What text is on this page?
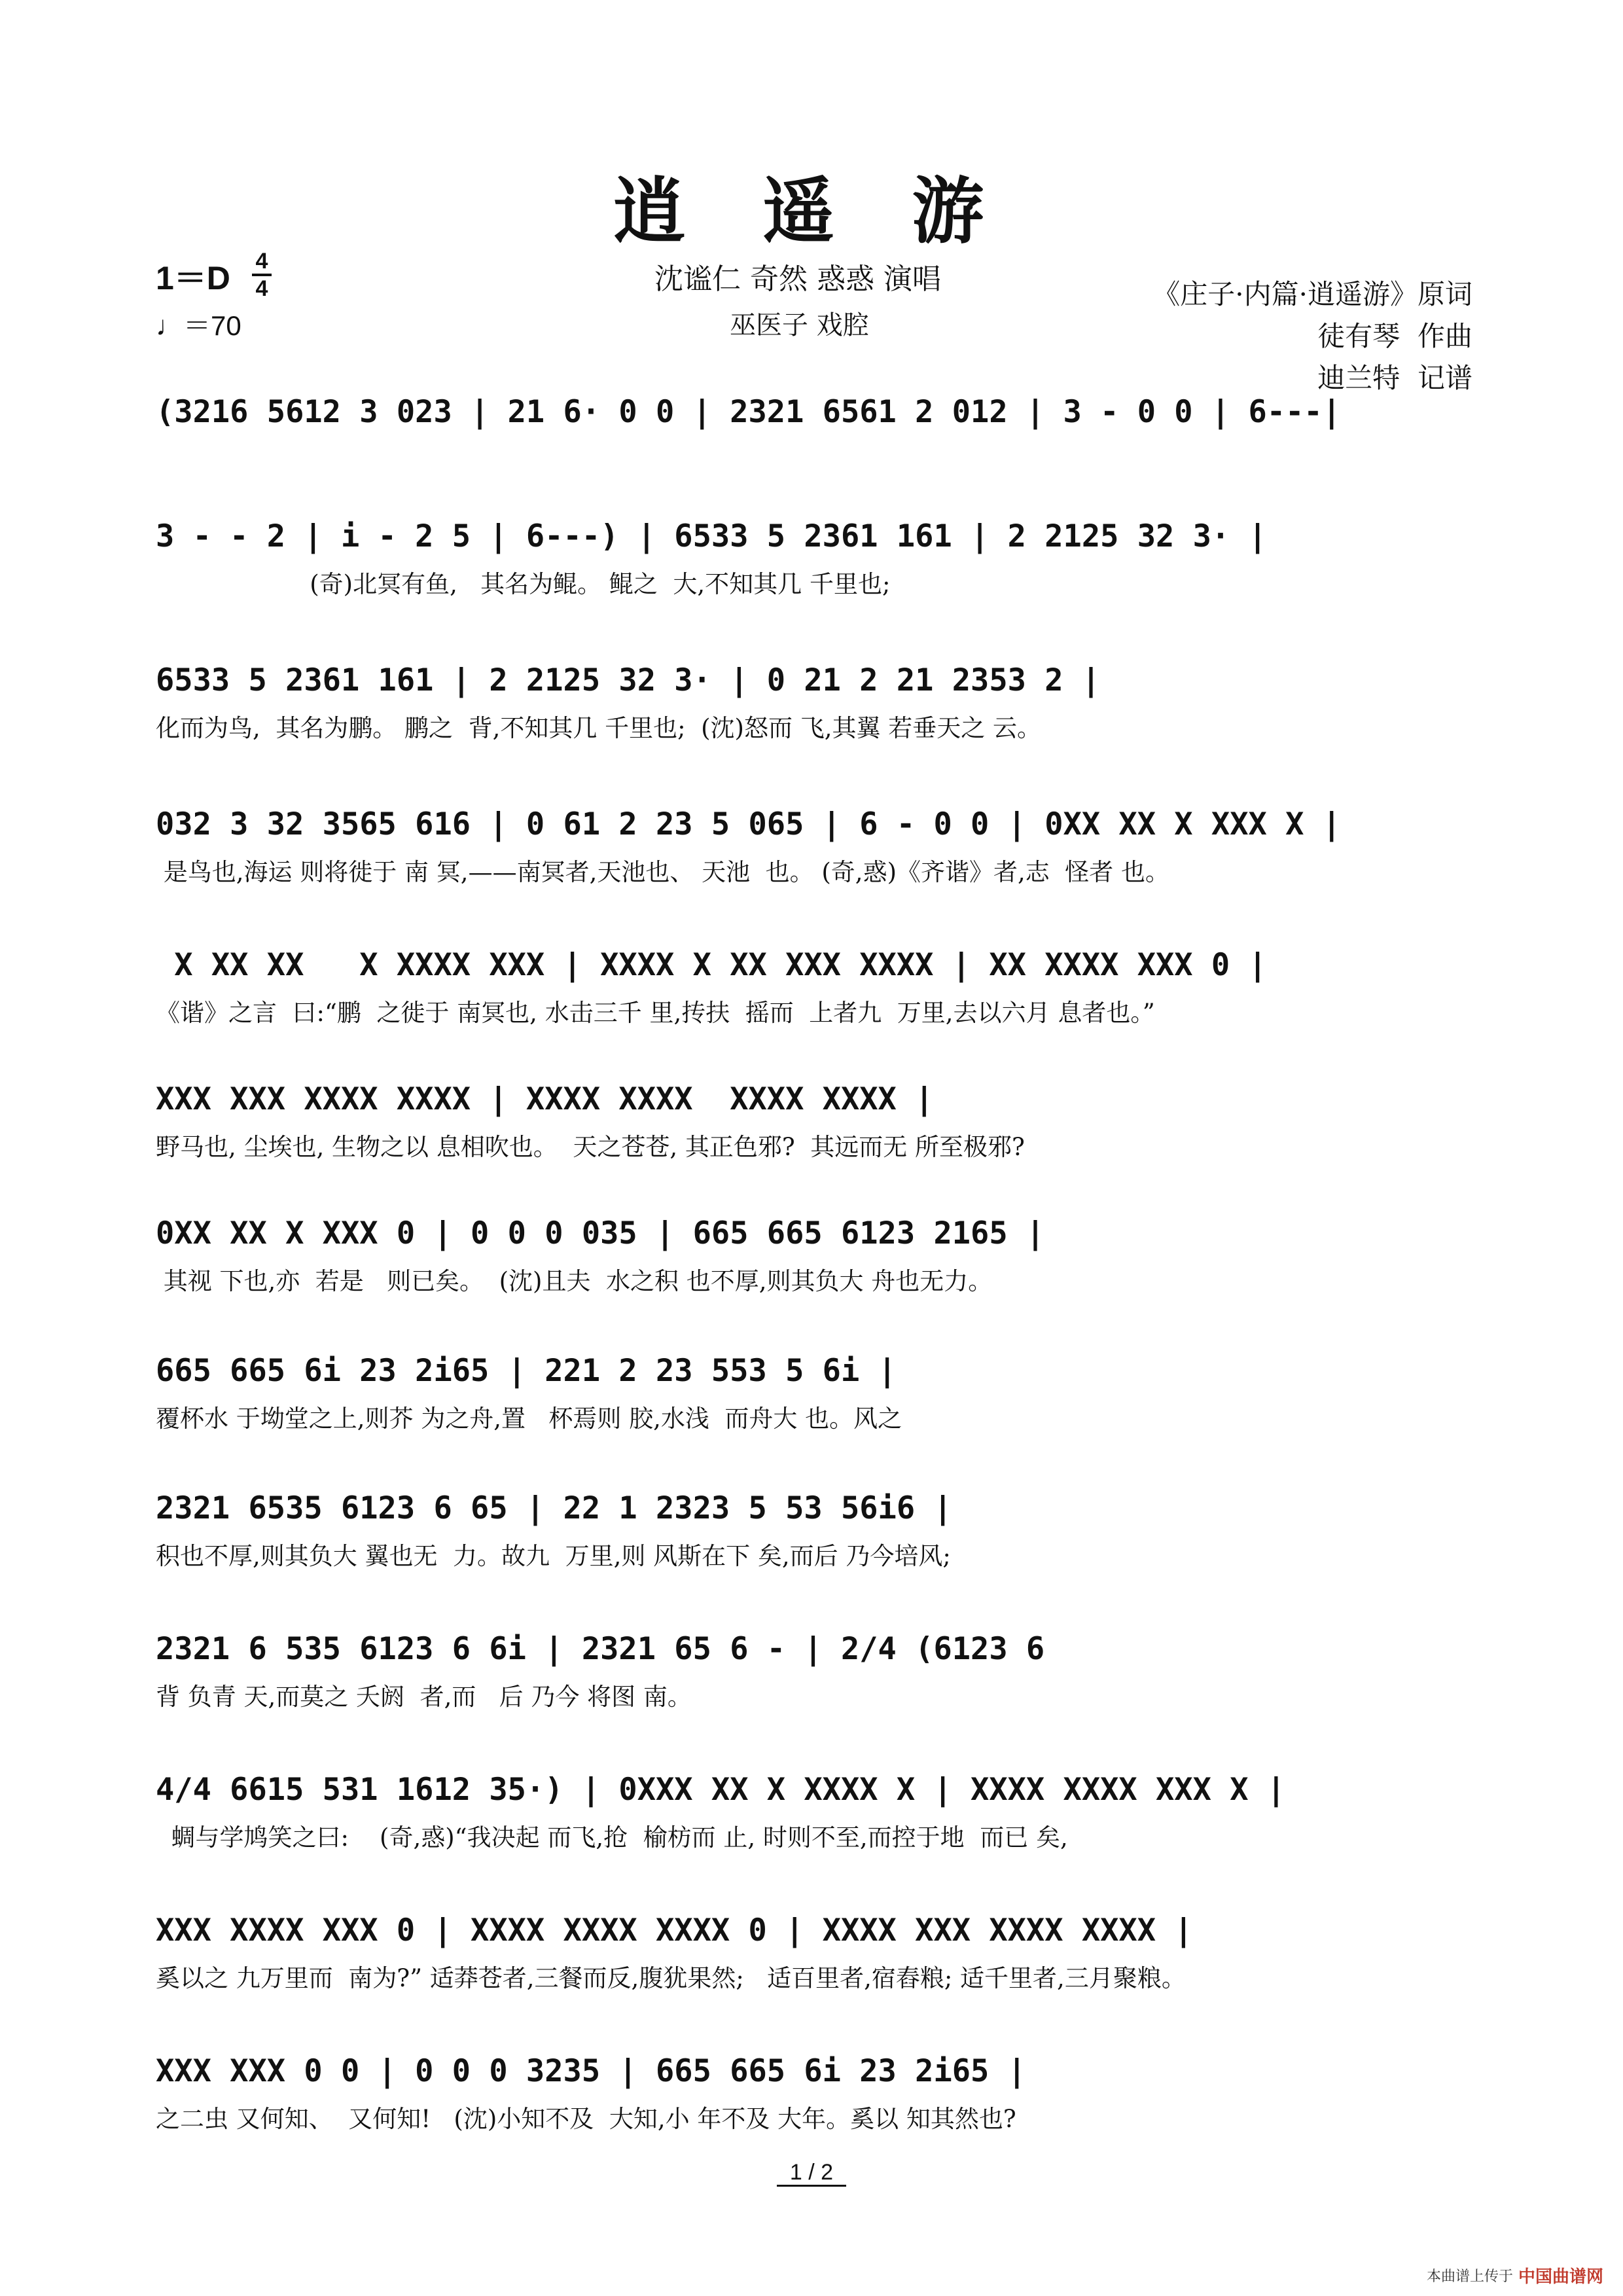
逍 遥 游
1＝D 4
4
♩＝70
沈谧仁 奇然 惑惑 演唱
巫医子 戏腔
《庄子·内篇·逍遥游》原词
徒有琴  作曲
迪兰特  记谱
(3216 5612 3 023 | 21 6· 0 0 | 2321 6561 2 012 | 3 - 0 0 | 6---|
3 - - 2 | i - 2 5 | 6---) | 6533 5 2361 161 | 2 2125 32 3· |
(奇)北冥有鱼,   其名为鲲。 鲲之  大,不知其几 千里也;
6533 5 2361 161 | 2 2125 32 3· | 0 21 2 21 2353 2 |
化而为鸟,  其名为鹏。 鹏之  背,不知其几 千里也;  (沈)怒而 飞,其翼 若垂天之 云。
032 3 32 3565 616 | 0 61 2 23 5 065 | 6 - 0 0 | 0XX XX X XXX X |
是鸟也,海运 则将徙于 南 冥,——南冥者,天池也、 天池  也。 (奇,惑)《齐谐》者,志  怪者 也。
X XX XX   X XXXX XXX | XXXX X XX XXX XXXX | XX XXXX XXX 0 |
《谐》之言  曰:“鹏  之徙于 南冥也, 水击三千 里,抟扶  摇而  上者九  万里,去以六月 息者也。”
XXX XXX XXXX XXXX | XXXX XXXX  XXXX XXXX |
野马也, 尘埃也, 生物之以 息相吹也。  天之苍苍, 其正色邪?  其远而无 所至极邪?
0XX XX X XXX 0 | 0 0 0 035 | 665 665 6123 2165 |
其视 下也,亦  若是   则已矣。  (沈)且夫  水之积 也不厚,则其负大 舟也无力。
665 665 6i 23 2i65 | 221 2 23 553 5 6i |
覆杯水 于坳堂之上,则芥 为之舟,置   杯焉则 胶,水浅  而舟大 也。风之
2321 6535 6123 6 65 | 22 1 2323 5 53 56i6 |
积也不厚,则其负大 翼也无  力。故九  万里,则 风斯在下 矣,而后 乃今培风;
2321 6 535 6123 6 6i | 2321 65 6 - | 2/4 (6123 6
背 负青 天,而莫之 夭阏  者,而   后 乃今 将图 南。
4/4 6615 531 1612 35·) | 0XXX XX X XXXX X | XXXX XXXX XXX X |
蜩与学鸠笑之曰:    (奇,惑)“我决起 而飞,抢  榆枋而 止, 时则不至,而控于地  而已 矣,
XXX XXXX XXX 0 | XXXX XXXX XXXX 0 | XXXX XXX XXXX XXXX |
奚以之 九万里而  南为?” 适莽苍者,三餐而反,腹犹果然;   适百里者,宿舂粮; 适千里者,三月聚粮。
XXX XXX 0 0 | 0 0 0 3235 | 665 665 6i 23 2i65 |
之二虫 又何知、  又何知!   (沈)小知不及  大知,小 年不及 大年。奚以 知其然也?
1 / 2
本曲谱上传于 中国曲谱网
